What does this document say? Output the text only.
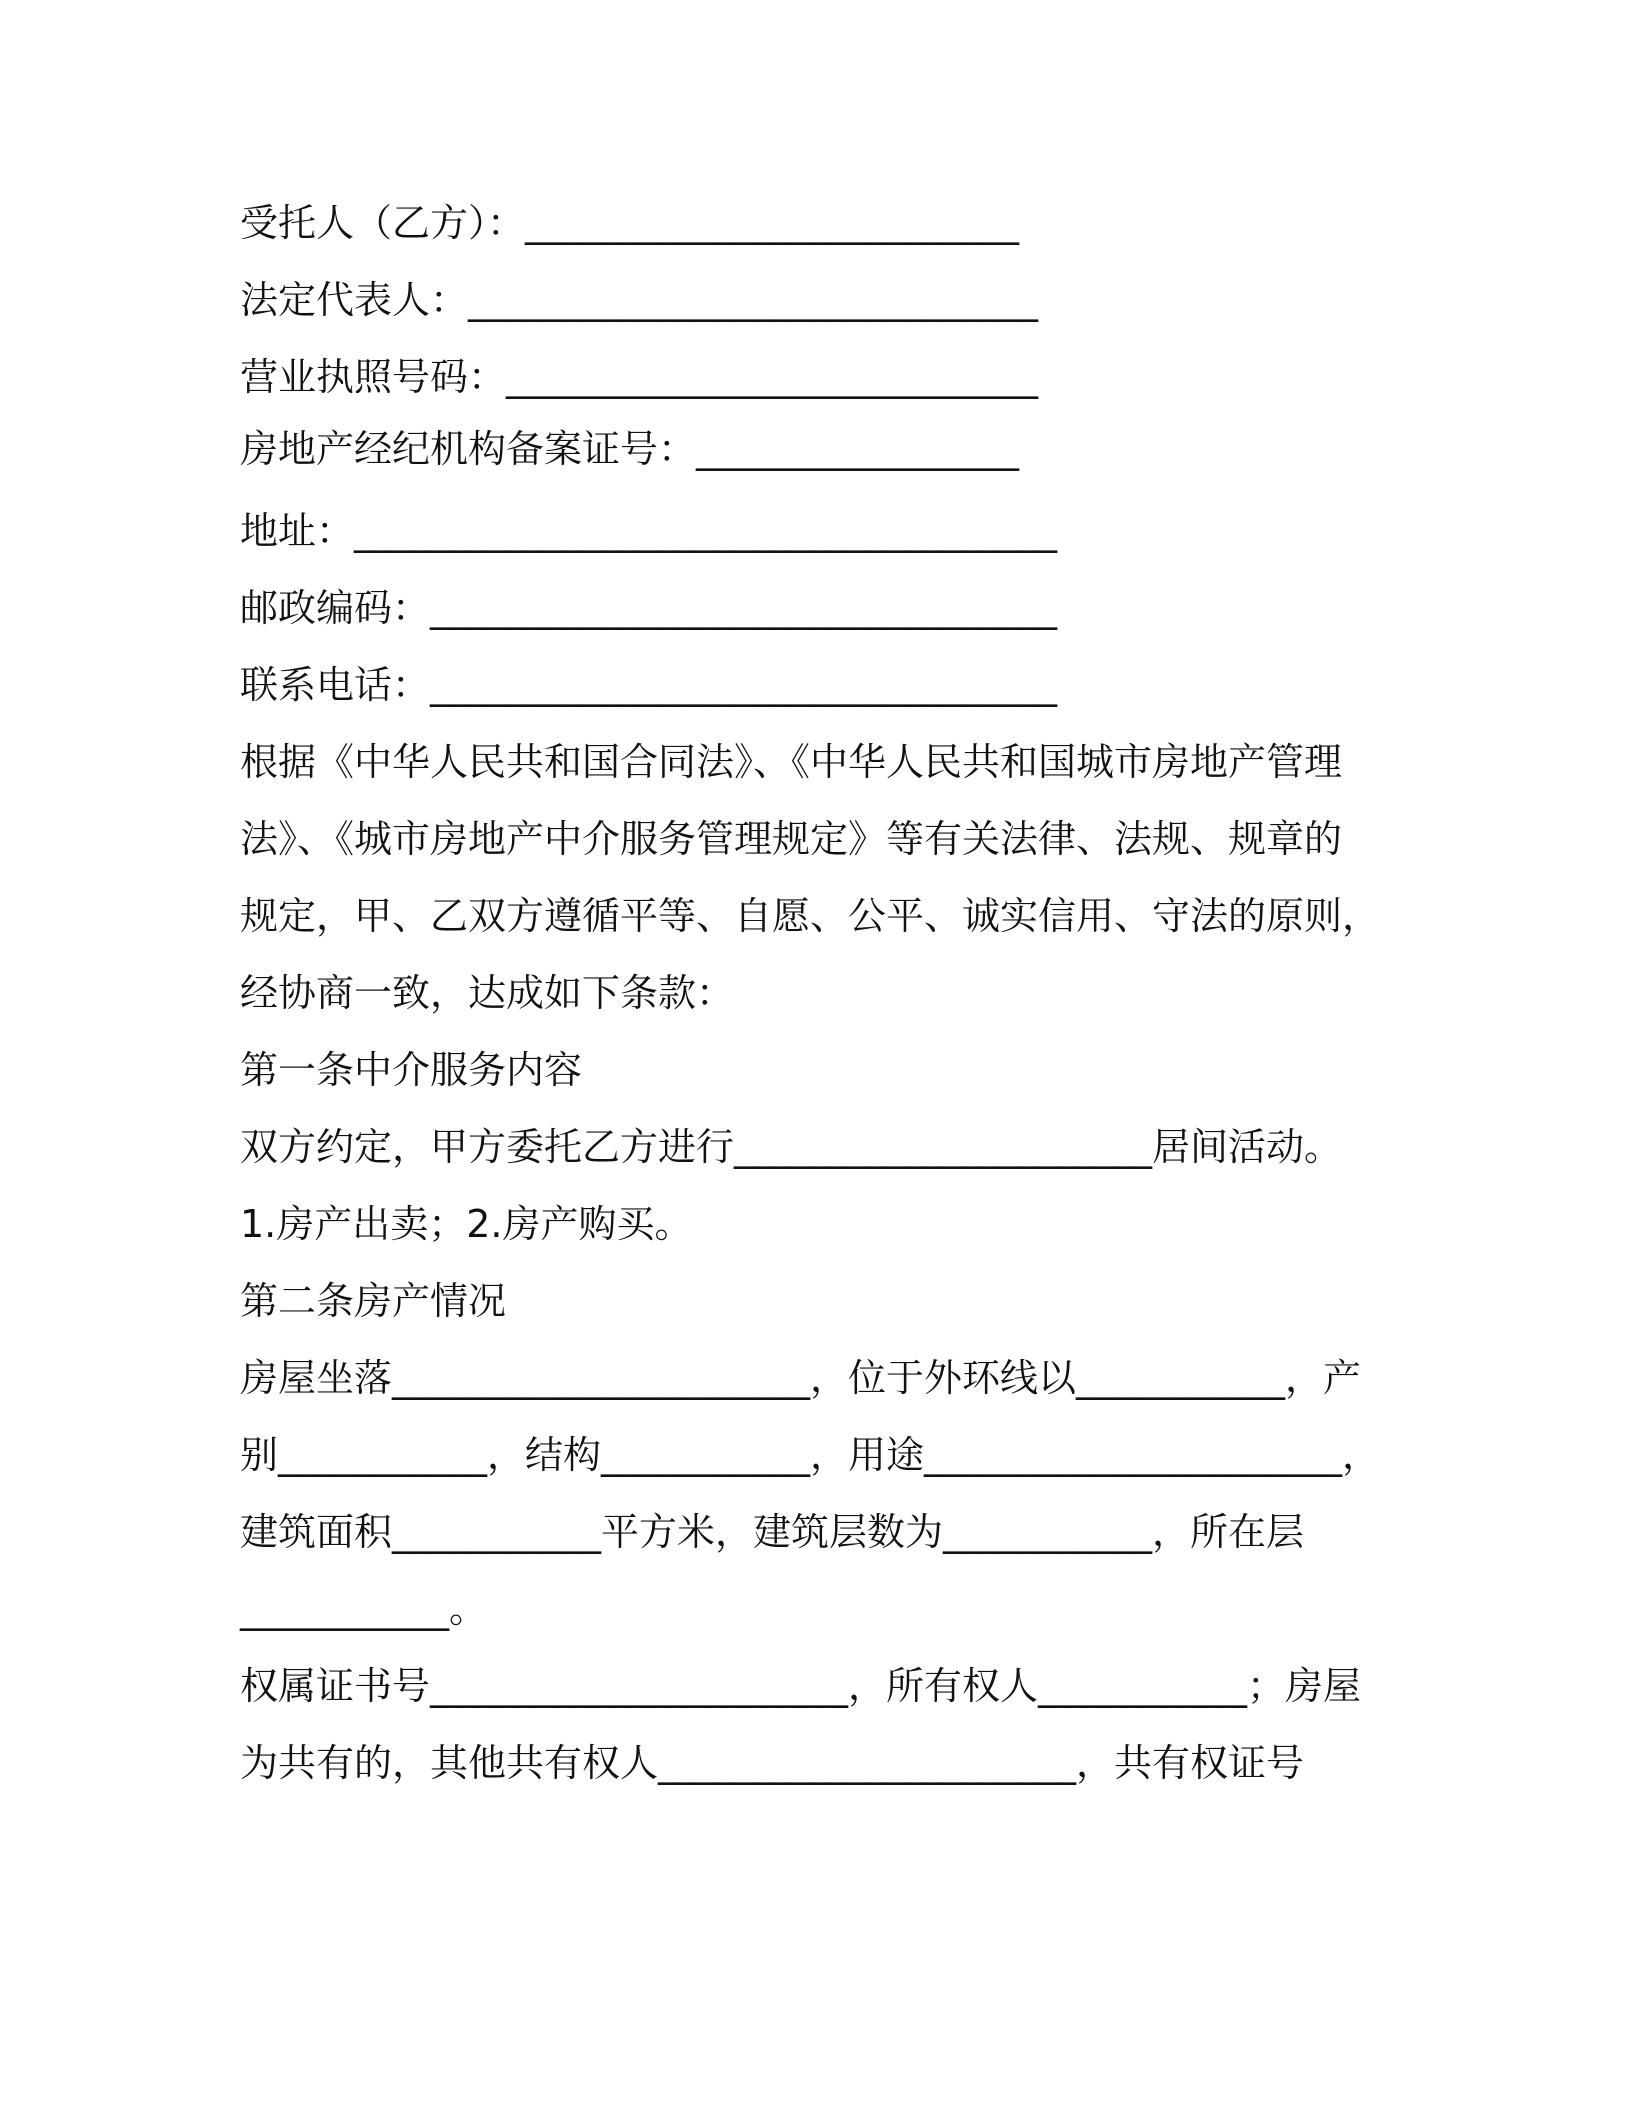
受托人（乙方）：__________________________
法定代表人：______________________________
营业执照号码：____________________________
房地产经纪机构备案证号：_________________
地址：_____________________________________
邮政编码：_________________________________
联系电话：_________________________________
根据《中华人民共和国合同法》、《中华人民共和国城市房地产管理
法》、《城市房地产中介服务管理规定》等有关法律、法规、规章的
规定，甲、乙双方遵循平等、自愿、公平、诚实信用、守法的原则，
经协商一致，达成如下条款：
第一条中介服务内容
双方约定，甲方委托乙方进行______________________居间活动。
1.房产出卖；2.房产购买。
第二条房产情况
房屋坐落______________________，位于外环线以___________，产
别___________，结构___________，用途______________________，
建筑面积___________平方米，建筑层数为___________，所在层
___________。
权属证书号______________________，所有权人___________；房屋
为共有的，其他共有权人______________________，共有权证号
